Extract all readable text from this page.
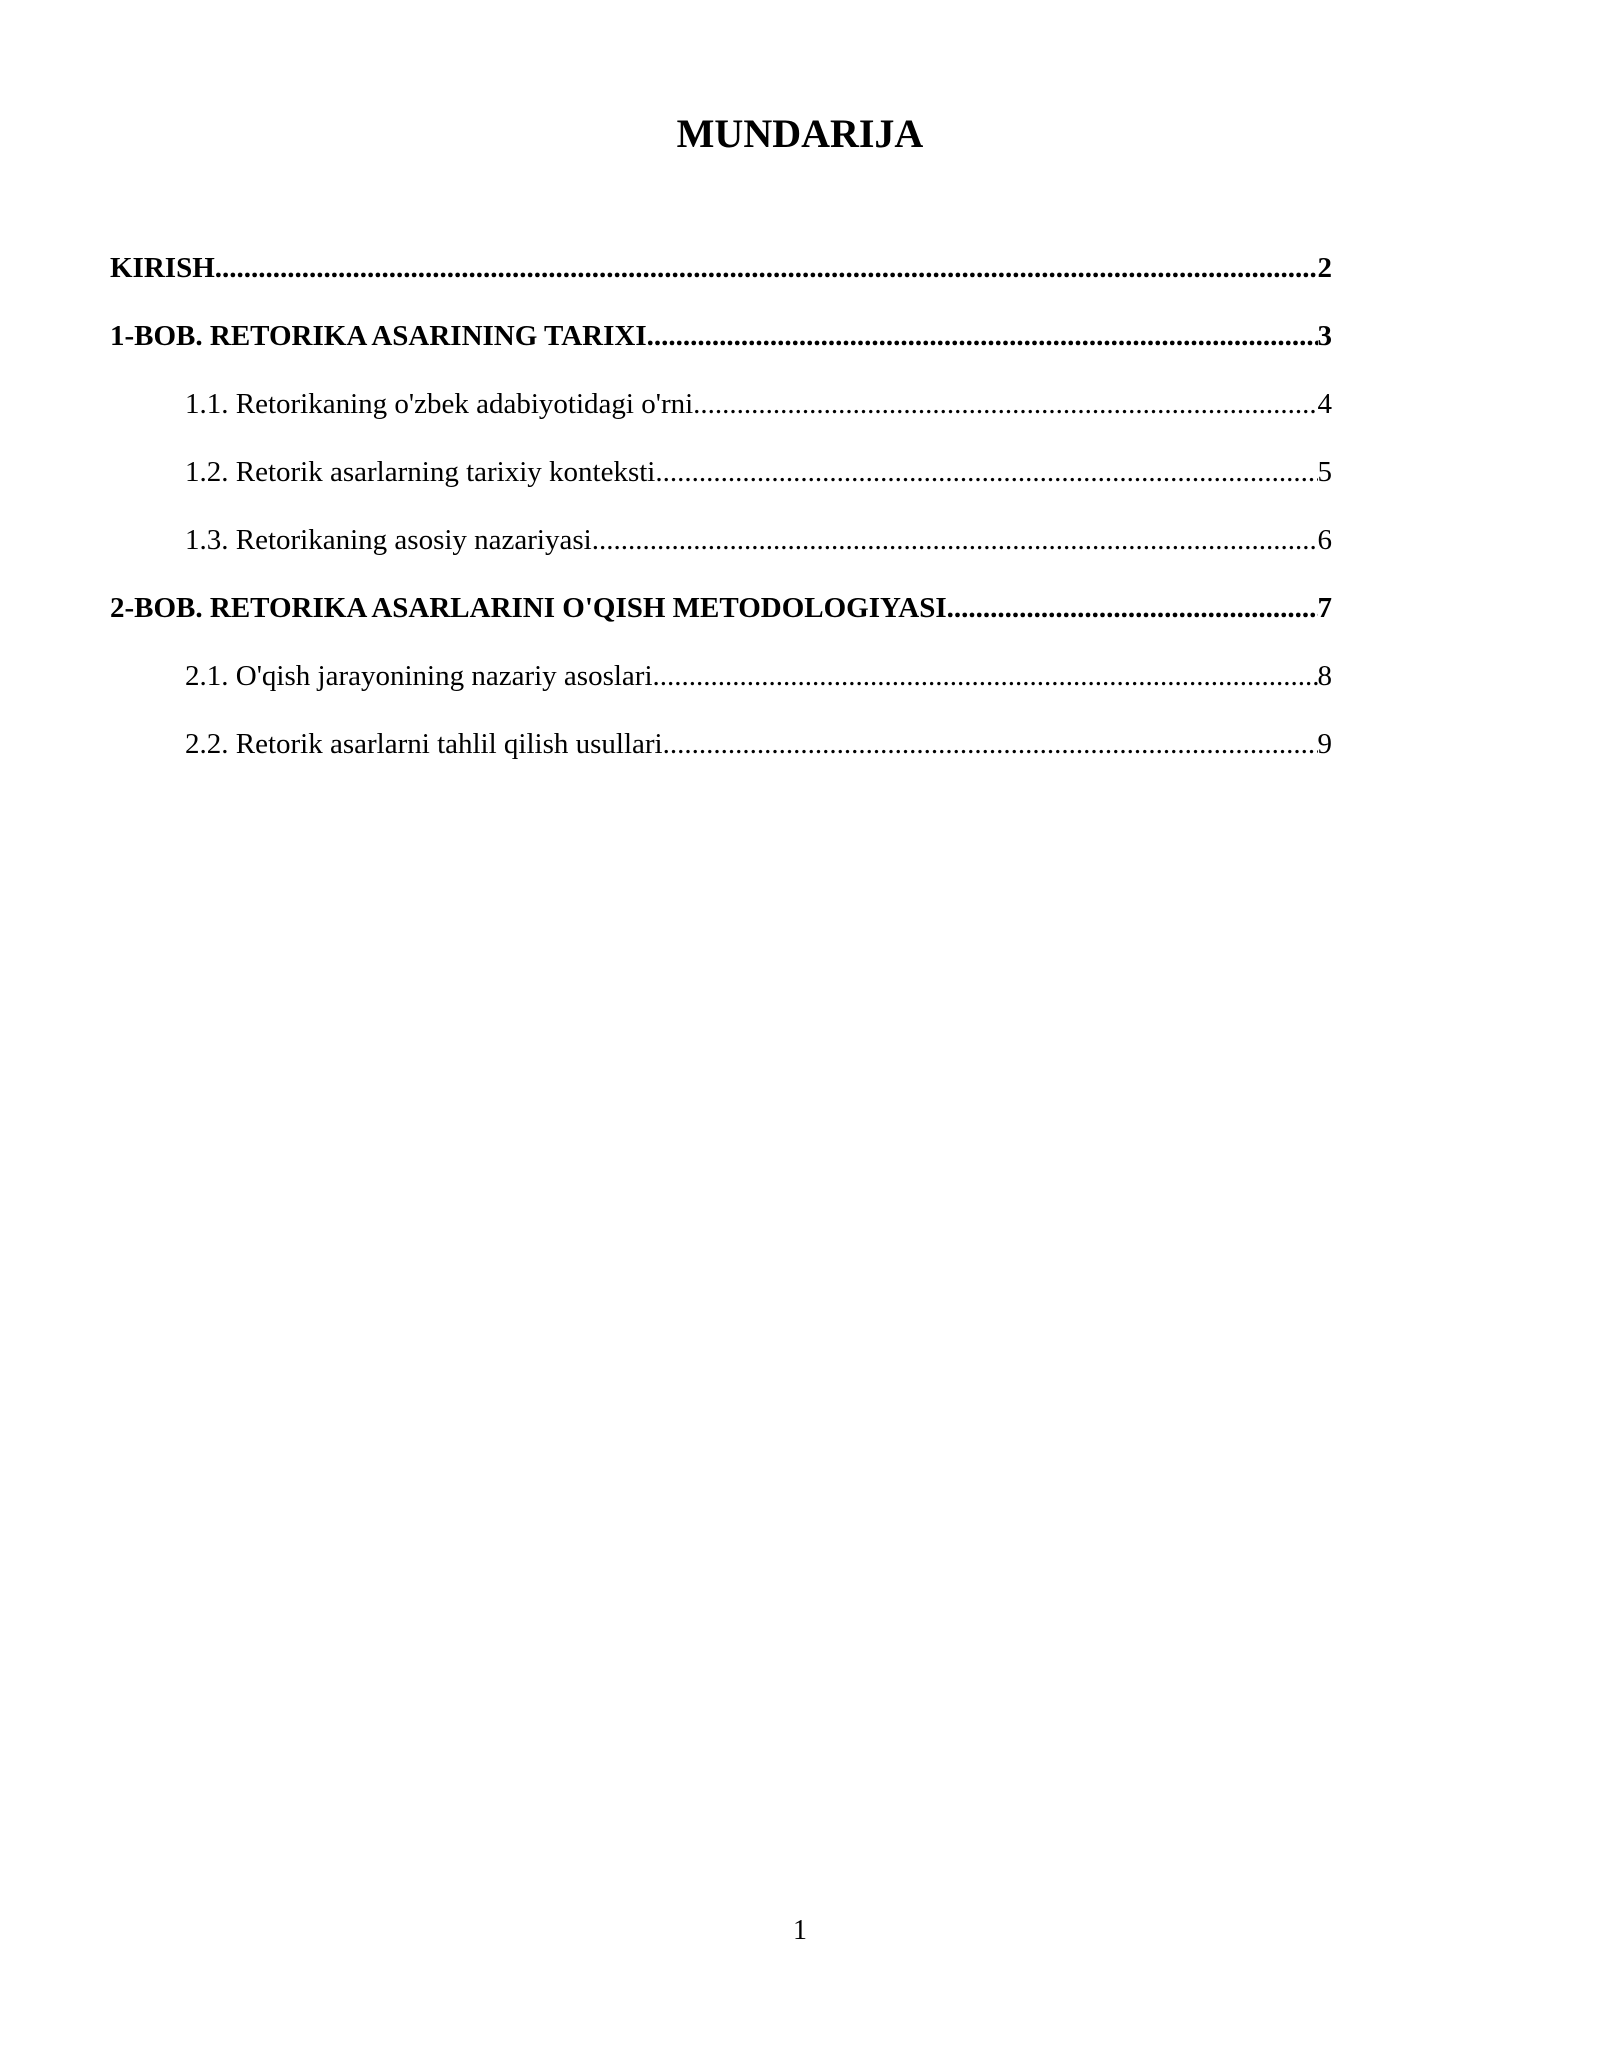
MUNDARIJA
KIRISH .....	2
1-BOB. RETORIKA ASARINING TARIXI .....	3
1.1. Retorikaning o'zbek adabiyotidagi o'rni .....	4
1.2. Retorik asarlarning tarixiy konteksti .....	5
1.3. Retorikaning asosiy nazariyasi .....	6
2-BOB. RETORIKA ASARLARINI O'QISH METODOLOGIYASI .....	7
2.1. O'qish jarayonining nazariy asoslari .....	8
2.2. Retorik asarlarni tahlil qilish usullari .....	9
1
